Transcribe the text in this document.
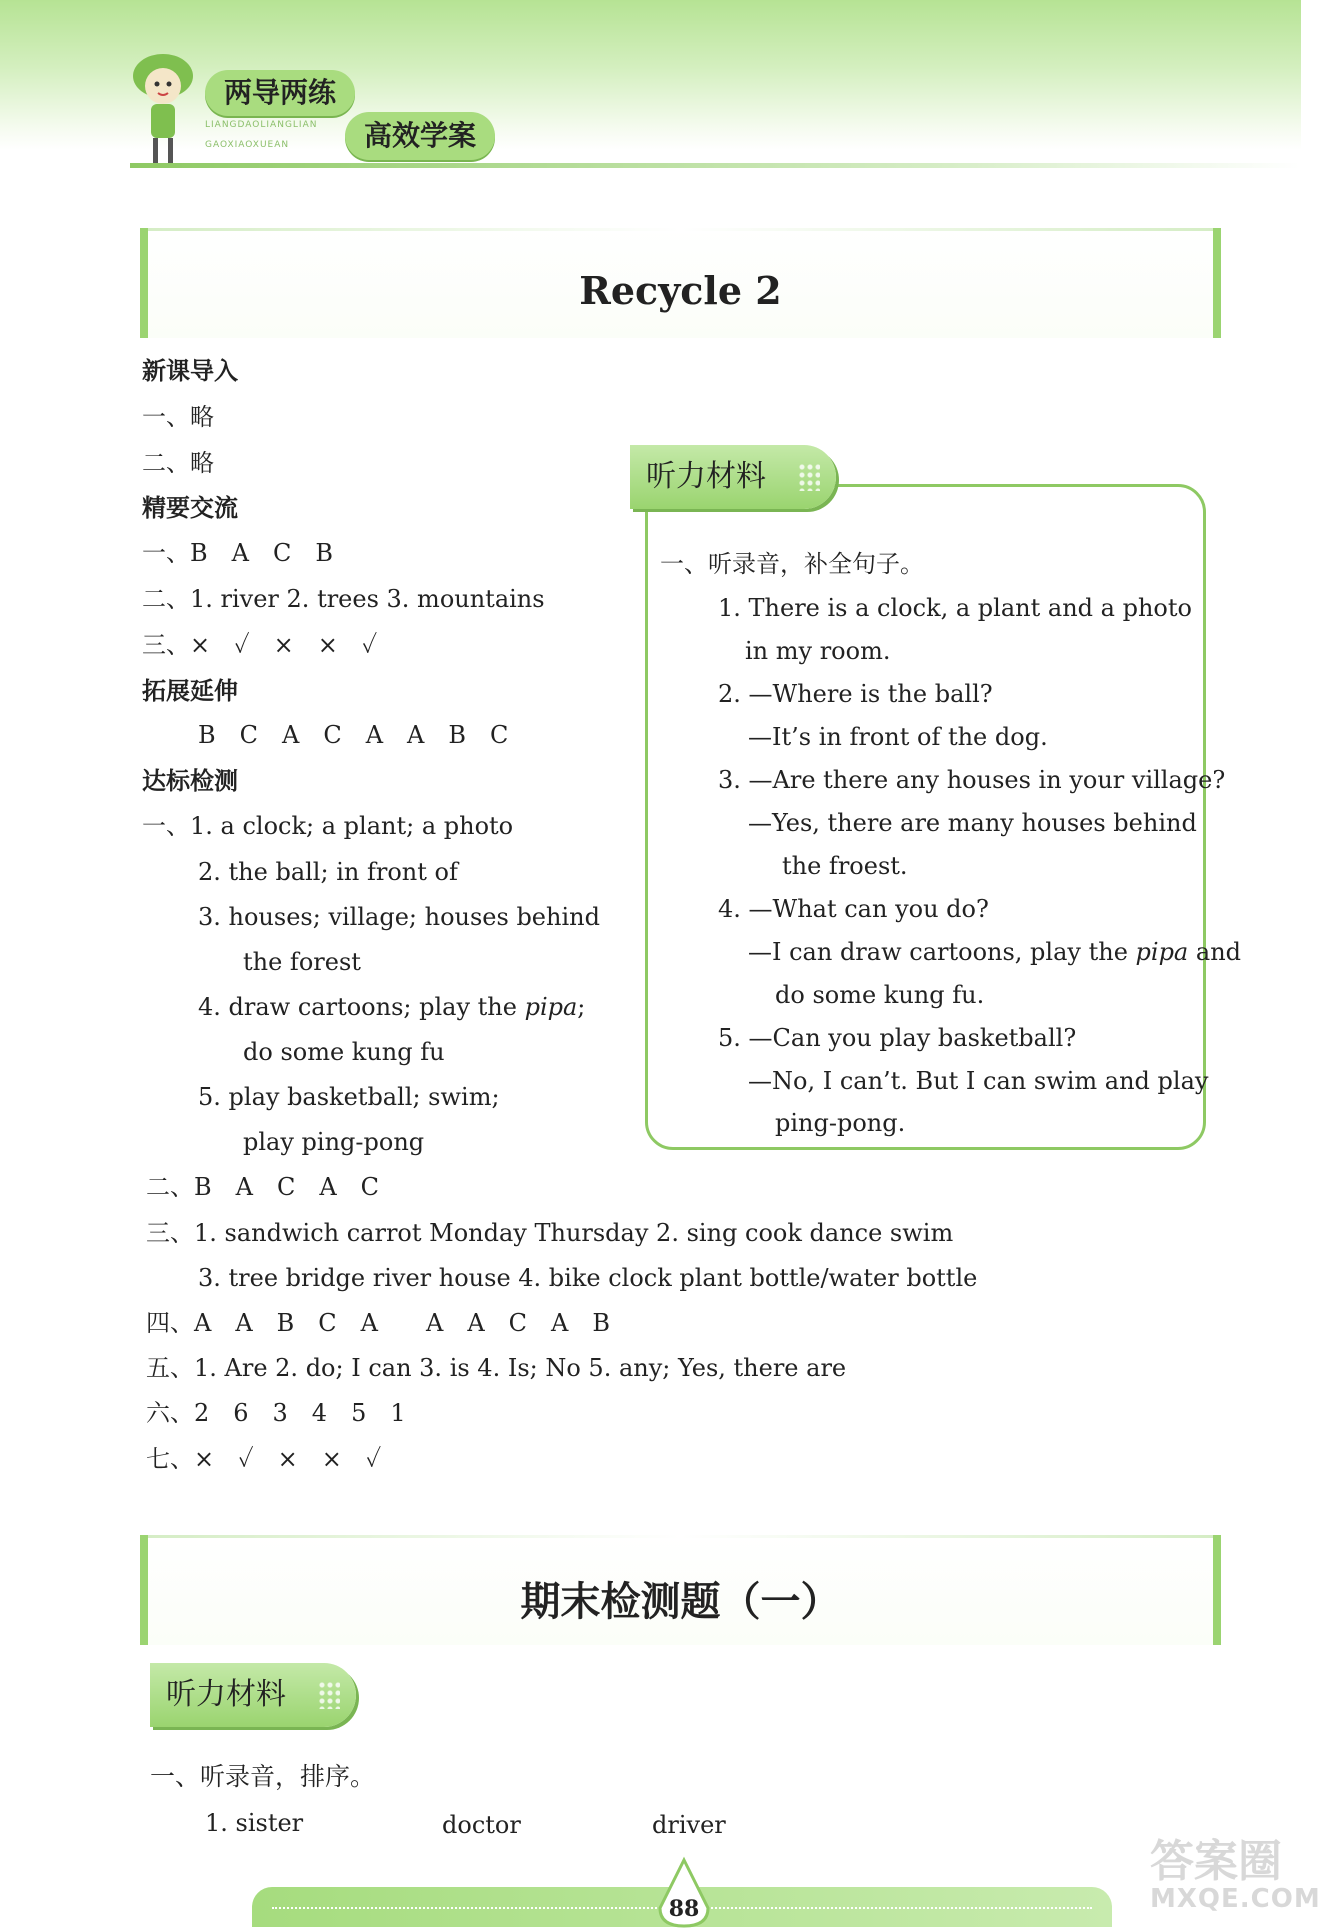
两导两练
LIANGDAOLIANGLIAN	高效学案
GAOXIAOXUEAN
Recycle 2
新课导入
一、略
二、略
精要交流
一、B　A　C　B
二、1. river 2. trees 3. mountains
三、×　✓　×　×　✓
拓展延伸
B　C　A　C　A　A　B　C
达标检测
一、1. a clock; a plant; a photo
2. the ball; in front of
3. houses; village; houses behind
the forest
4. draw cartoons; play the pipa;
do some kung fu
5. play basketball; swim;
play ping-pong
二、B　A　C　A　C
三、1. sandwich carrot Monday Thursday 2. sing cook dance swim
3. tree bridge river house 4. bike clock plant bottle/water bottle
四、A　A　B　C　A　　A　A　C　A　B
五、1. Are 2. do; I can 3. is 4. Is; No 5. any; Yes, there are
六、2　6　3　4　5　1
七、×　✓　×　×　✓
听力材料
一、听录音，补全句子。
1. There is a clock, a plant and a photo
in my room.
2. —Where is the ball?
—It’s in front of the dog.
3. —Are there any houses in your village?
—Yes, there are many houses behind
the froest.
4. —What can you do?
—I can draw cartoons, play the pipa and
do some kung fu.
5. —Can you play basketball?
—No, I can’t. But I can swim and play
ping-pong.
期末检测题（一）
听力材料
一、听录音，排序。
1. sister	doctor	driver
88
答案圈
MXQE.COM
